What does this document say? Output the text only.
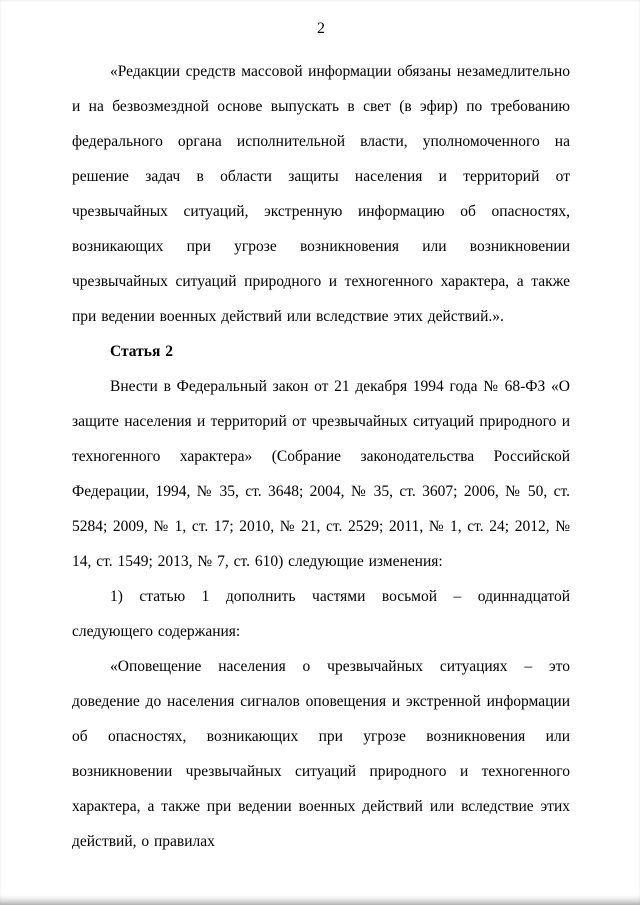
2

«Редакции средств массовой информации обязаны незамедлительно и на безвозмездной основе выпускать в свет (в эфир) по требованию федерального органа исполнительной власти, уполномоченного на решение задач в области защиты населения и территорий от чрезвычайных ситуаций, экстренную информацию об опасностях, возникающих при угрозе возникновения или возникновении чрезвычайных ситуаций природного и техногенного характера, а также при ведении военных действий или вследствие этих действий.».

Статья 2

Внести в Федеральный закон от 21 декабря 1994 года № 68-ФЗ «О защите населения и территорий от чрезвычайных ситуаций природного и техногенного характера» (Собрание законодательства Российской Федерации, 1994, № 35, ст. 3648; 2004, № 35, ст. 3607; 2006, № 50, ст. 5284; 2009, № 1, ст. 17; 2010, № 21, ст. 2529; 2011, № 1, ст. 24; 2012, № 14, ст. 1549; 2013, № 7, ст. 610) следующие изменения:

1) статью 1 дополнить частями восьмой – одиннадцатой следующего содержания:

«Оповещение населения о чрезвычайных ситуациях – это доведение до населения сигналов оповещения и экстренной информации об опасностях, возникающих при угрозе возникновения или возникновении чрезвычайных ситуаций природного и техногенного характера, а также при ведении военных действий или вследствие этих действий, о правилах
